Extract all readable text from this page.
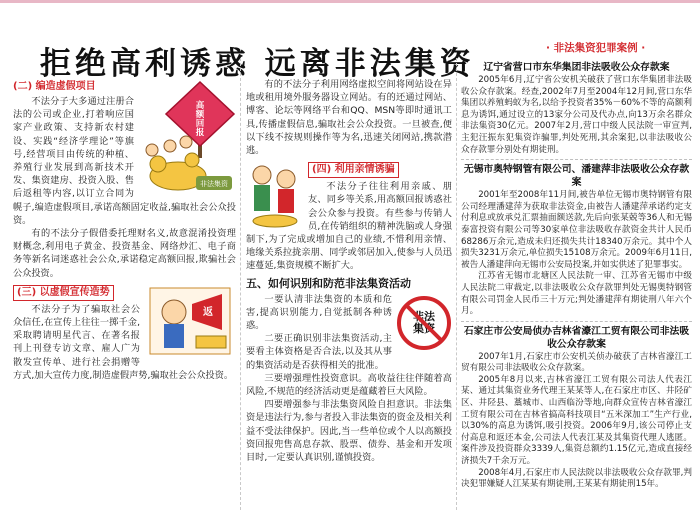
拒绝高利诱惑 远离非法集资	· 非法集资犯罪案例 ·
高额回报
非法集资
(二) 编造虚假项目

不法分子大多通过注册合法的公司或企业,打着响应国家产业政策、支持新农村建设、实践“经济学理论”等旗号,经营项目由传统的种植、养殖行业发展到高新技术开发、集资建房、投资入股、售后返租等内容,以订立合同为幌子,编造虚假项目,承诺高额固定收益,骗取社会公众投资。

有的不法分子假借委托理财名义,故意混淆投资理财概念,利用电子黄金、投资基金、网络炒汇、电子商务等新名词迷惑社会公众,承诺稳定高额回报,欺骗社会公众投资。

(三) 以虚假宣传造势
返

不法分子为了骗取社会公众信任,在宣传上往往一掷千金,采取聘请明星代言、在著名报刊上刊登专访文章、雇人广为散发宣传单、进行社会捐赠等方式,加大宣传力度,制造虚假声势,骗取社会公众投资。

有的不法分子利用网络虚拟空间将网站设在异地或租用境外服务器设立网站。有的还通过网站、博客、论坛等网络平台和QQ、MSN等即时通讯工具,传播虚假信息,骗取社会公众投资。一旦被查,便以下线不按规则操作等为名,迅速关闭网站,携款潜逃。

(四) 利用亲情诱骗

不法分子往往利用亲戚、朋友、同乡等关系,用高额回报诱惑社会公众参与投资。有些参与传销人员,在传销组织的精神洗脑或人身强制下,为了完成或增加自己的业绩,不惜利用亲情、地缘关系拉拢亲朋、同学或邻居加入,使参与人员迅速蔓延,集资规模不断扩大。

五、如何识别和防范非法集资活动
非法集资

一要认清非法集资的本质和危害,提高识别能力,自觉抵制各种诱惑。

二要正确识别非法集资活动,主要看主体资格是否合法,以及其从事的集资活动是否获得相关的批准。

三要增强理性投资意识。高收益往往伴随着高风险,不规范的经济活动更是蕴藏着巨大风险。

四要增强参与非法集资风险自担意识。非法集资是违法行为,参与者投入非法集资的资金及相关利益不受法律保护。因此,当一些单位或个人以高额投资回报兜售高息存款、股票、债券、基金和开发项目时,一定要认真识别,谨慎投资。

辽宁省营口市东华集团非法吸收公众存款案

2005年6月,辽宁省公安机关破获了营口东华集团非法吸收公众存款案。经查,2002年7月至2004年12月间,营口东华集团以养殖蚂蚁为名,以给予投资者35%－60%不等的高额利息为诱饵,通过设立的13家分公司及代办点,向13万余名群众非法集资30亿元。2007年2月,营口中级人民法院一审宣判,主犯汪振东犯集资诈骗罪,判处死刑,其余案犯,以非法吸收公众存款罪分别处有期徒刑。

无锡市奥特钢管有限公司、潘建萍非法吸收公众存款案

2001年至2008年11月间,被告单位无锡市奥特钢管有限公司经理潘建萍为获取非法资金,由被告人潘建萍承诺约定支付利息或放承兑汇票抽面额送款,先后向张某兢等36人和无锡泰富投资有限公司等30家单位非法吸收存款资金共计人民币68286万余元,造成未归还损失共计18340万余元。其中个人损失3231万余元,单位损失15108万余元。2009年6月11日,被告人潘建萍向无锡市公安局投案,并如实供述了犯罪事实。

江苏省无锡市北塘区人民法院一审、江苏省无锡市中级人民法院二审裁定,以非法吸收公众存款罪判处无锡奥特钢管有限公司罚金人民币三十万元;判处潘建萍有期徒刑八年六个月。

石家庄市公安局侦办吉林省濠江工贸有限公司非法吸收公众存款案

2007年1月,石家庄市公安机关侦办破获了吉林省濠江工贸有限公司非法吸收公众存款案。

2005年8月以来,吉林省濠江工贸有限公司法人代表江某、通过其集资业务代理王某某等人,在石家庄市区、井陉矿区、井陉县、藁城市、山西临汾等地,向群众宣传吉林省濠江工贸有限公司在吉林省搞高科技项目“五米深加工”生产行业,以30%的高息为诱饵,吸引投资。2006年9月,该公司停止支付高息和返还本金,公司法人代表江某及其集资代理人逃匿。案件涉及投资群众3339人,集资总额约1.15亿元,造成直接经济损失7千余万元。

2008年4月,石家庄市人民法院以非法吸收公众存款罪,判决犯罪嫌疑人江某某有期徒刑,王某某有期徒刑15年。
